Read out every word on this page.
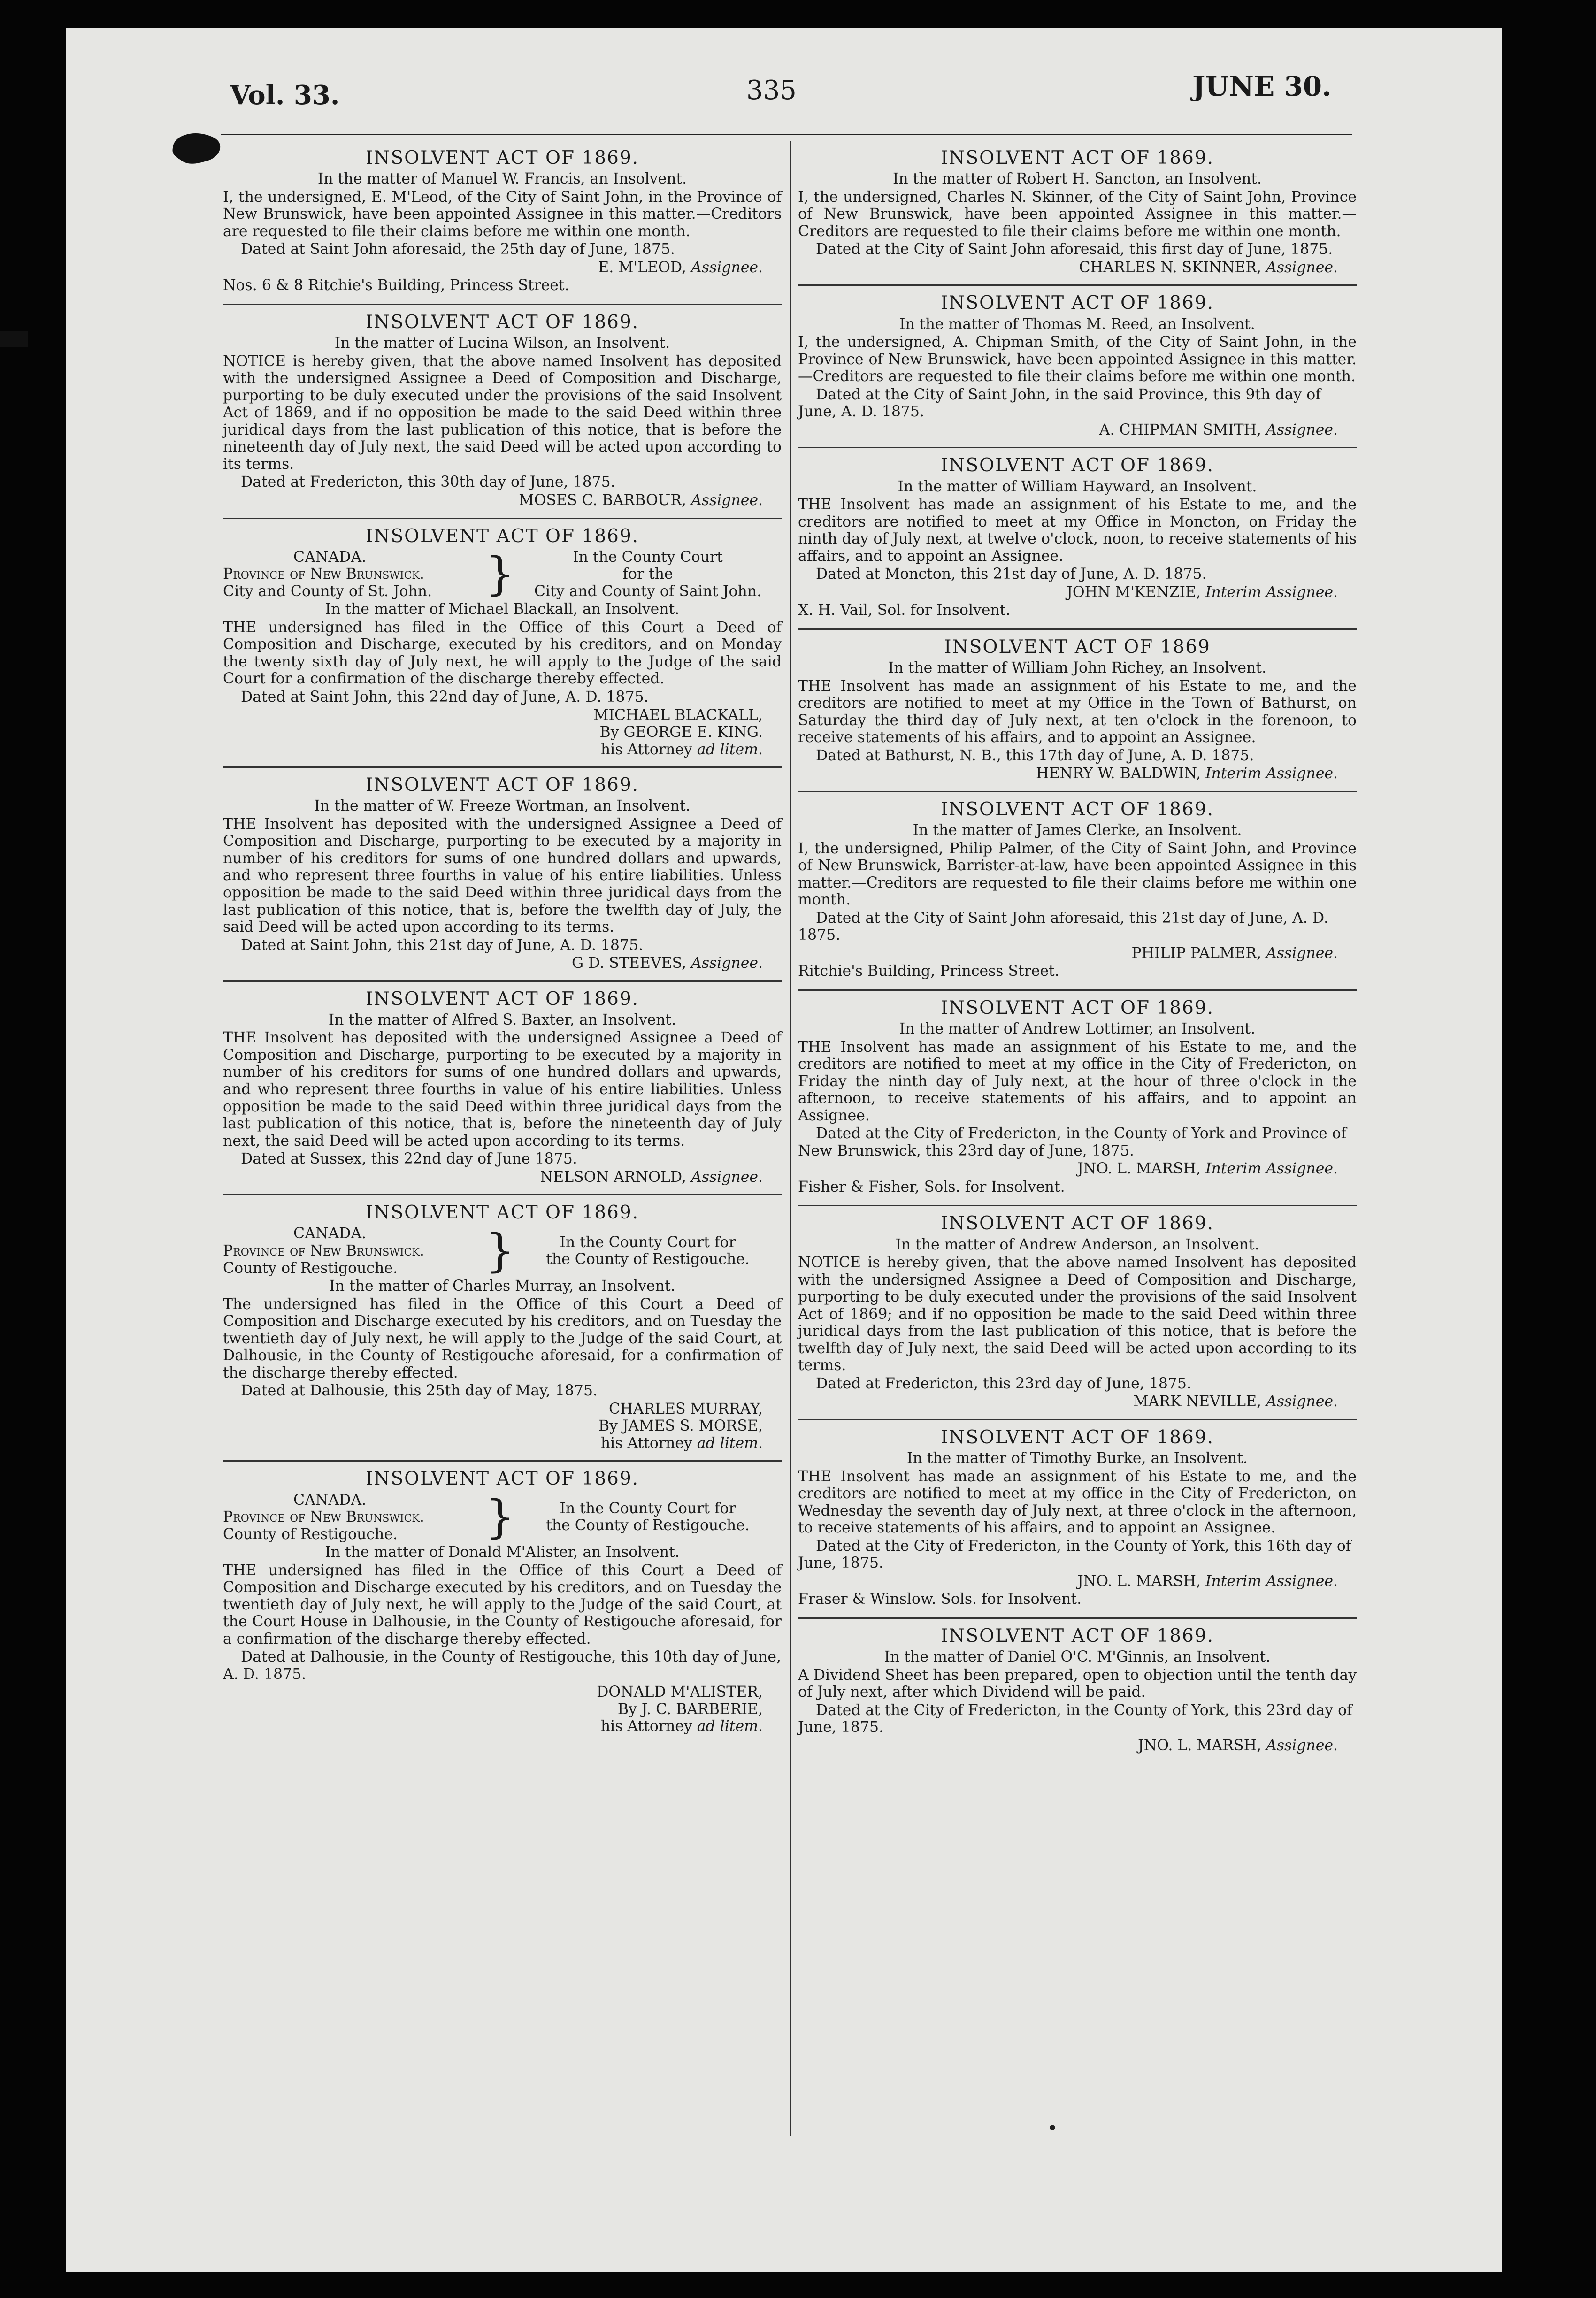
Vol. 33.	335	JUNE 30.
INSOLVENT ACT OF 1869.
In the matter of Manuel W. Francis, an Insolvent.
I, the undersigned, E. M'Leod, of the City of Saint John, in the Province of New Brunswick, have been appointed Assignee in this matter.—Creditors are requested to file their claims before me within one month.
Dated at Saint John aforesaid, the 25th day of June, 1875.
E. M'LEOD, Assignee.
Nos. 6 & 8 Ritchie's Building, Princess Street.
INSOLVENT ACT OF 1869.
In the matter of Lucina Wilson, an Insolvent.
NOTICE is hereby given, that the above named Insolvent has deposited with the undersigned Assignee a Deed of Composition and Discharge, purporting to be duly executed under the provisions of the said Insolvent Act of 1869, and if no opposition be made to the said Deed within three juridical days from the last publication of this notice, that is before the nineteenth day of July next, the said Deed will be acted upon according to its terms.
Dated at Fredericton, this 30th day of June, 1875.
MOSES C. BARBOUR, Assignee.
INSOLVENT ACT OF 1869.
CANADA.
Province of New Brunswick.
City and County of St. John.	}	In the County Court
for the
City and County of Saint John.
In the matter of Michael Blackall, an Insolvent.
THE undersigned has filed in the Office of this Court a Deed of Composition and Discharge, executed by his creditors, and on Monday the twenty sixth day of July next, he will apply to the Judge of the said Court for a confirmation of the discharge thereby effected.
Dated at Saint John, this 22nd day of June, A. D. 1875.
MICHAEL BLACKALL,
By GEORGE E. KING.
his Attorney ad litem.
INSOLVENT ACT OF 1869.
In the matter of W. Freeze Wortman, an Insolvent.
THE Insolvent has deposited with the undersigned Assignee a Deed of Composition and Discharge, purporting to be executed by a majority in number of his creditors for sums of one hundred dollars and upwards, and who represent three fourths in value of his entire liabilities. Unless opposition be made to the said Deed within three juridical days from the last publication of this notice, that is, before the twelfth day of July, the said Deed will be acted upon according to its terms.
Dated at Saint John, this 21st day of June, A. D. 1875.
G D. STEEVES, Assignee.
INSOLVENT ACT OF 1869.
In the matter of Alfred S. Baxter, an Insolvent.
THE Insolvent has deposited with the undersigned Assignee a Deed of Composition and Discharge, purporting to be executed by a majority in number of his creditors for sums of one hundred dollars and upwards, and who represent three fourths in value of his entire liabilities. Unless opposition be made to the said Deed within three juridical days from the last publication of this notice, that is, before the nineteenth day of July next, the said Deed will be acted upon according to its terms.
Dated at Sussex, this 22nd day of June 1875.
NELSON ARNOLD, Assignee.
INSOLVENT ACT OF 1869.
CANADA.
Province of New Brunswick.
County of Restigouche.	}	In the County Court for
the County of Restigouche.
In the matter of Charles Murray, an Insolvent.
The undersigned has filed in the Office of this Court a Deed of Composition and Discharge executed by his creditors, and on Tuesday the twentieth day of July next, he will apply to the Judge of the said Court, at Dalhousie, in the County of Restigouche aforesaid, for a confirmation of the discharge thereby effected.
Dated at Dalhousie, this 25th day of May, 1875.
CHARLES MURRAY,
By JAMES S. MORSE,
his Attorney ad litem.
INSOLVENT ACT OF 1869.
CANADA.
Province of New Brunswick.
County of Restigouche.	}	In the County Court for
the County of Restigouche.
In the matter of Donald M'Alister, an Insolvent.
THE undersigned has filed in the Office of this Court a Deed of Composition and Discharge executed by his creditors, and on Tuesday the twentieth day of July next, he will apply to the Judge of the said Court, at the Court House in Dalhousie, in the County of Restigouche aforesaid, for a confirmation of the discharge thereby effected.
Dated at Dalhousie, in the County of Restigouche, this 10th day of June, A. D. 1875.
DONALD M'ALISTER,
By J. C. BARBERIE,
his Attorney ad litem.
INSOLVENT ACT OF 1869.
In the matter of Robert H. Sancton, an Insolvent.
I, the undersigned, Charles N. Skinner, of the City of Saint John, Province of New Brunswick, have been appointed Assignee in this matter.—Creditors are requested to file their claims before me within one month.
Dated at the City of Saint John aforesaid, this first day of June, 1875.
CHARLES N. SKINNER, Assignee.
INSOLVENT ACT OF 1869.
In the matter of Thomas M. Reed, an Insolvent.
I, the undersigned, A. Chipman Smith, of the City of Saint John, in the Province of New Brunswick, have been appointed Assignee in this matter.—Creditors are requested to file their claims before me within one month.
Dated at the City of Saint John, in the said Province, this 9th day of June, A. D. 1875.
A. CHIPMAN SMITH, Assignee.
INSOLVENT ACT OF 1869.
In the matter of William Hayward, an Insolvent.
THE Insolvent has made an assignment of his Estate to me, and the creditors are notified to meet at my Office in Moncton, on Friday the ninth day of July next, at twelve o'clock, noon, to receive statements of his affairs, and to appoint an Assignee.
Dated at Moncton, this 21st day of June, A. D. 1875.
JOHN M'KENZIE, Interim Assignee.
X. H. Vail, Sol. for Insolvent.
INSOLVENT ACT OF 1869
In the matter of William John Richey, an Insolvent.
THE Insolvent has made an assignment of his Estate to me, and the creditors are notified to meet at my Office in the Town of Bathurst, on Saturday the third day of July next, at ten o'clock in the forenoon, to receive statements of his affairs, and to appoint an Assignee.
Dated at Bathurst, N. B., this 17th day of June, A. D. 1875.
HENRY W. BALDWIN, Interim Assignee.
INSOLVENT ACT OF 1869.
In the matter of James Clerke, an Insolvent.
I, the undersigned, Philip Palmer, of the City of Saint John, and Province of New Brunswick, Barrister-at-law, have been appointed Assignee in this matter.—Creditors are requested to file their claims before me within one month.
Dated at the City of Saint John aforesaid, this 21st day of June, A. D. 1875.
PHILIP PALMER, Assignee.
Ritchie's Building, Princess Street.
INSOLVENT ACT OF 1869.
In the matter of Andrew Lottimer, an Insolvent.
THE Insolvent has made an assignment of his Estate to me, and the creditors are notified to meet at my office in the City of Fredericton, on Friday the ninth day of July next, at the hour of three o'clock in the afternoon, to receive statements of his affairs, and to appoint an Assignee.
Dated at the City of Fredericton, in the County of York and Province of New Brunswick, this 23rd day of June, 1875.
JNO. L. MARSH, Interim Assignee.
Fisher & Fisher, Sols. for Insolvent.
INSOLVENT ACT OF 1869.
In the matter of Andrew Anderson, an Insolvent.
NOTICE is hereby given, that the above named Insolvent has deposited with the undersigned Assignee a Deed of Composition and Discharge, purporting to be duly executed under the provisions of the said Insolvent Act of 1869; and if no opposition be made to the said Deed within three juridical days from the last publication of this notice, that is before the twelfth day of July next, the said Deed will be acted upon according to its terms.
Dated at Fredericton, this 23rd day of June, 1875.
MARK NEVILLE, Assignee.
INSOLVENT ACT OF 1869.
In the matter of Timothy Burke, an Insolvent.
THE Insolvent has made an assignment of his Estate to me, and the creditors are notified to meet at my office in the City of Fredericton, on Wednesday the seventh day of July next, at three o'clock in the afternoon, to receive statements of his affairs, and to appoint an Assignee.
Dated at the City of Fredericton, in the County of York, this 16th day of June, 1875.
JNO. L. MARSH, Interim Assignee.
Fraser & Winslow. Sols. for Insolvent.
INSOLVENT ACT OF 1869.
In the matter of Daniel O'C. M'Ginnis, an Insolvent.
A Dividend Sheet has been prepared, open to objection until the tenth day of July next, after which Dividend will be paid.
Dated at the City of Fredericton, in the County of York, this 23rd day of June, 1875.
JNO. L. MARSH, Assignee.
•
